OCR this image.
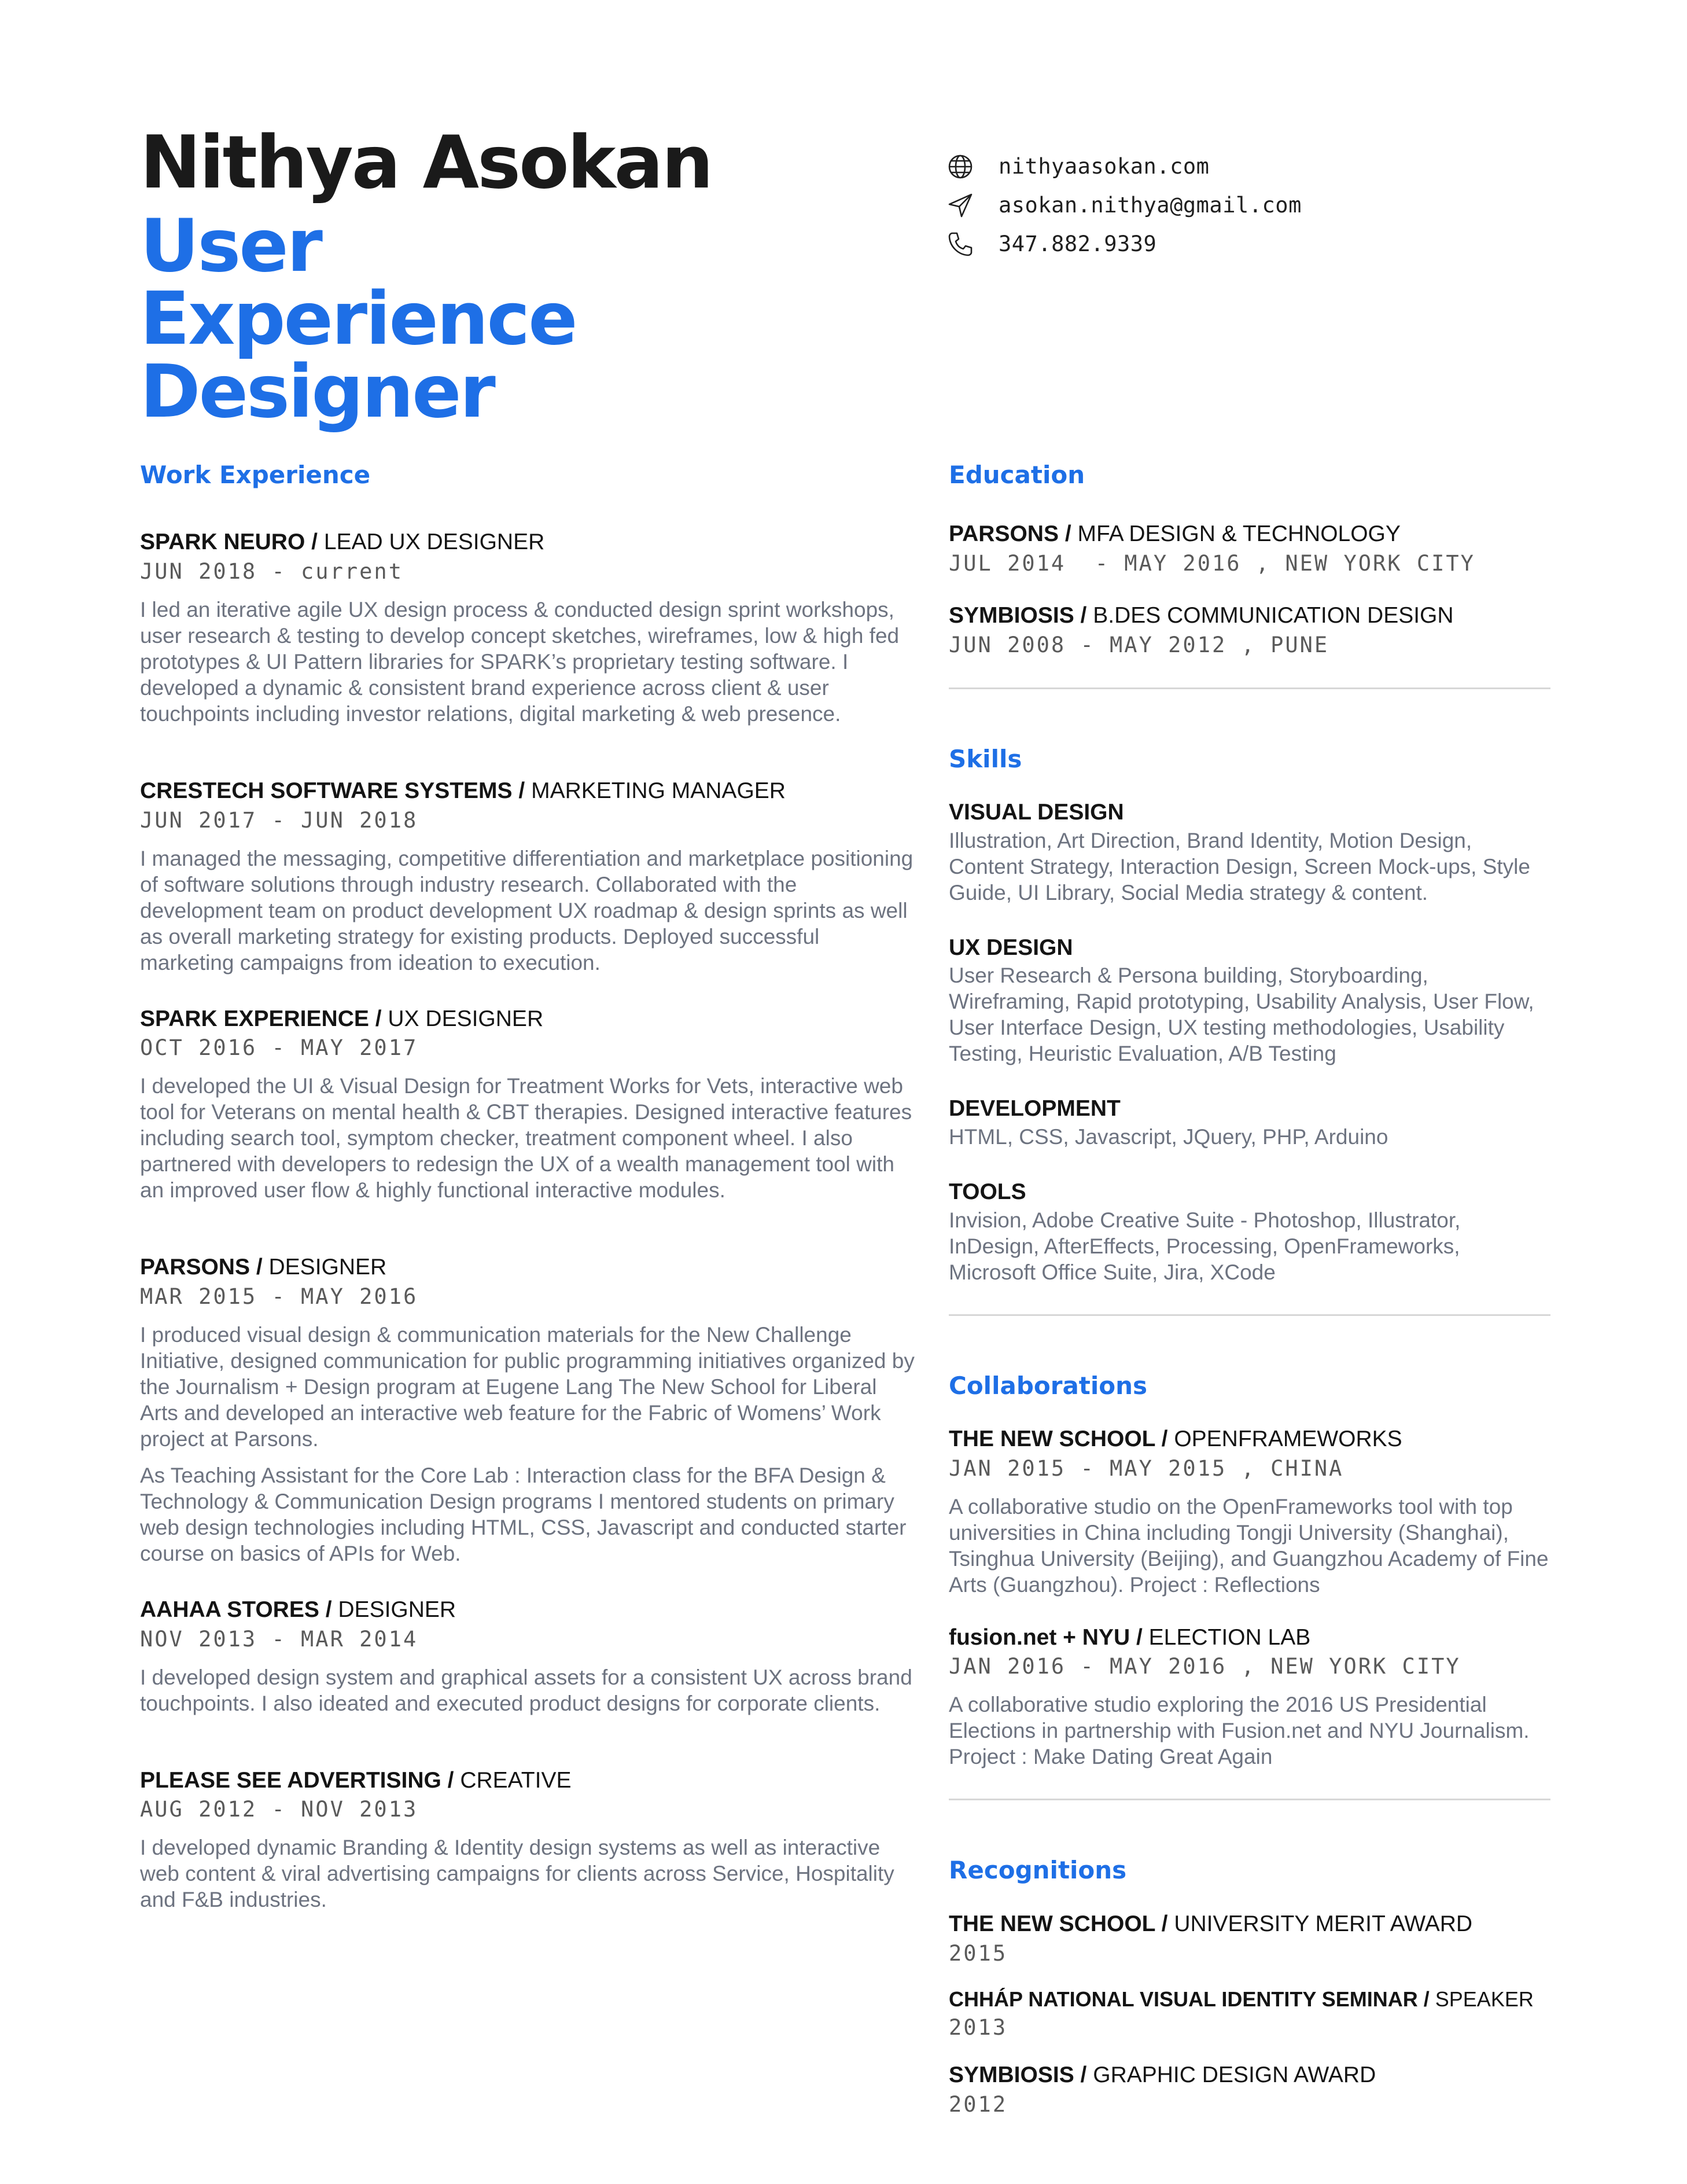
Nithya Asokan
User Experience Designer
nithyaasokan.com
asokan.nithya@gmail.com
347.882.9339
Work Experience
SPARK NEURO / LEAD UX DESIGNER
JUN 2018 - current

I led an iterative agile UX design process & conducted design sprint workshops, user research & testing to develop concept sketches, wireframes, low & high fed prototypes & UI Pattern libraries for SPARK’s proprietary testing software. I developed a dynamic & consistent brand experience across client & user touchpoints including investor relations, digital marketing & web presence.

CRESTECH SOFTWARE SYSTEMS / MARKETING MANAGER
JUN 2017 - JUN 2018

I managed the messaging, competitive differentiation and marketplace positioning of software solutions through industry research. Collaborated with the development team on product development UX roadmap & design sprints as well as overall marketing strategy for existing products. Deployed successful marketing campaigns from ideation to execution.

SPARK EXPERIENCE / UX DESIGNER
OCT 2016 - MAY 2017

I developed the UI & Visual Design for Treatment Works for Vets, interactive web tool for Veterans on mental health & CBT therapies. Designed interactive features including search tool, symptom checker, treatment component wheel. I also partnered with developers to redesign the UX of a wealth management tool with an improved user flow & highly functional interactive modules.

PARSONS / DESIGNER
MAR 2015 - MAY 2016

I produced visual design & communication materials for the New Challenge Initiative, designed communication for public programming initiatives organized by the Journalism + Design program at Eugene Lang The New School for Liberal Arts and developed an interactive web feature for the Fabric of Womens’ Work project at Parsons.

As Teaching Assistant for the Core Lab : Interaction class for the BFA Design & Technology & Communication Design programs I mentored students on primary web design technologies including HTML, CSS, Javascript and conducted starter course on basics of APIs for Web.

AAHAA STORES / DESIGNER
NOV 2013 - MAR 2014

I developed design system and graphical assets for a consistent UX across brand touchpoints. I also ideated and executed product designs for corporate clients.

PLEASE SEE ADVERTISING / CREATIVE
AUG 2012 - NOV 2013

I developed dynamic Branding & Identity design systems as well as interactive web content & viral advertising campaigns for clients across Service, Hospitality and F&B industries.

Education
PARSONS / MFA DESIGN & TECHNOLOGY
JUL 2014  - MAY 2016 , NEW YORK CITY
SYMBIOSIS / B.DES COMMUNICATION DESIGN
JUN 2008 - MAY 2012 , PUNE
Skills
VISUAL DESIGN
Illustration, Art Direction, Brand Identity, Motion Design, Content Strategy, Interaction Design, Screen Mock-ups, Style Guide, UI Library, Social Media strategy & content.
UX DESIGN
User Research & Persona building, Storyboarding, Wireframing, Rapid prototyping, Usability Analysis, User Flow, User Interface Design, UX testing methodologies, Usability Testing, Heuristic Evaluation, A/B Testing
DEVELOPMENT
HTML, CSS, Javascript, JQuery, PHP, Arduino
TOOLS
Invision, Adobe Creative Suite - Photoshop, Illustrator, InDesign, AfterEffects, Processing, OpenFrameworks, Microsoft Office Suite, Jira, XCode
Collaborations
THE NEW SCHOOL / OPENFRAMEWORKS
JAN 2015 - MAY 2015 , CHINA
A collaborative studio on the OpenFrameworks tool with top universities in China including Tongji University (Shanghai), Tsinghua University (Beijing), and Guangzhou Academy of Fine Arts (Guangzhou). Project : Reflections
fusion.net + NYU / ELECTION LAB
JAN 2016 - MAY 2016 , NEW YORK CITY
A collaborative studio exploring the 2016 US Presidential Elections in partnership with Fusion.net and NYU Journalism. Project : Make Dating Great Again
Recognitions
THE NEW SCHOOL / UNIVERSITY MERIT AWARD
2015
CHHÁP NATIONAL VISUAL IDENTITY SEMINAR / SPEAKER
2013
SYMBIOSIS / GRAPHIC DESIGN AWARD
2012
